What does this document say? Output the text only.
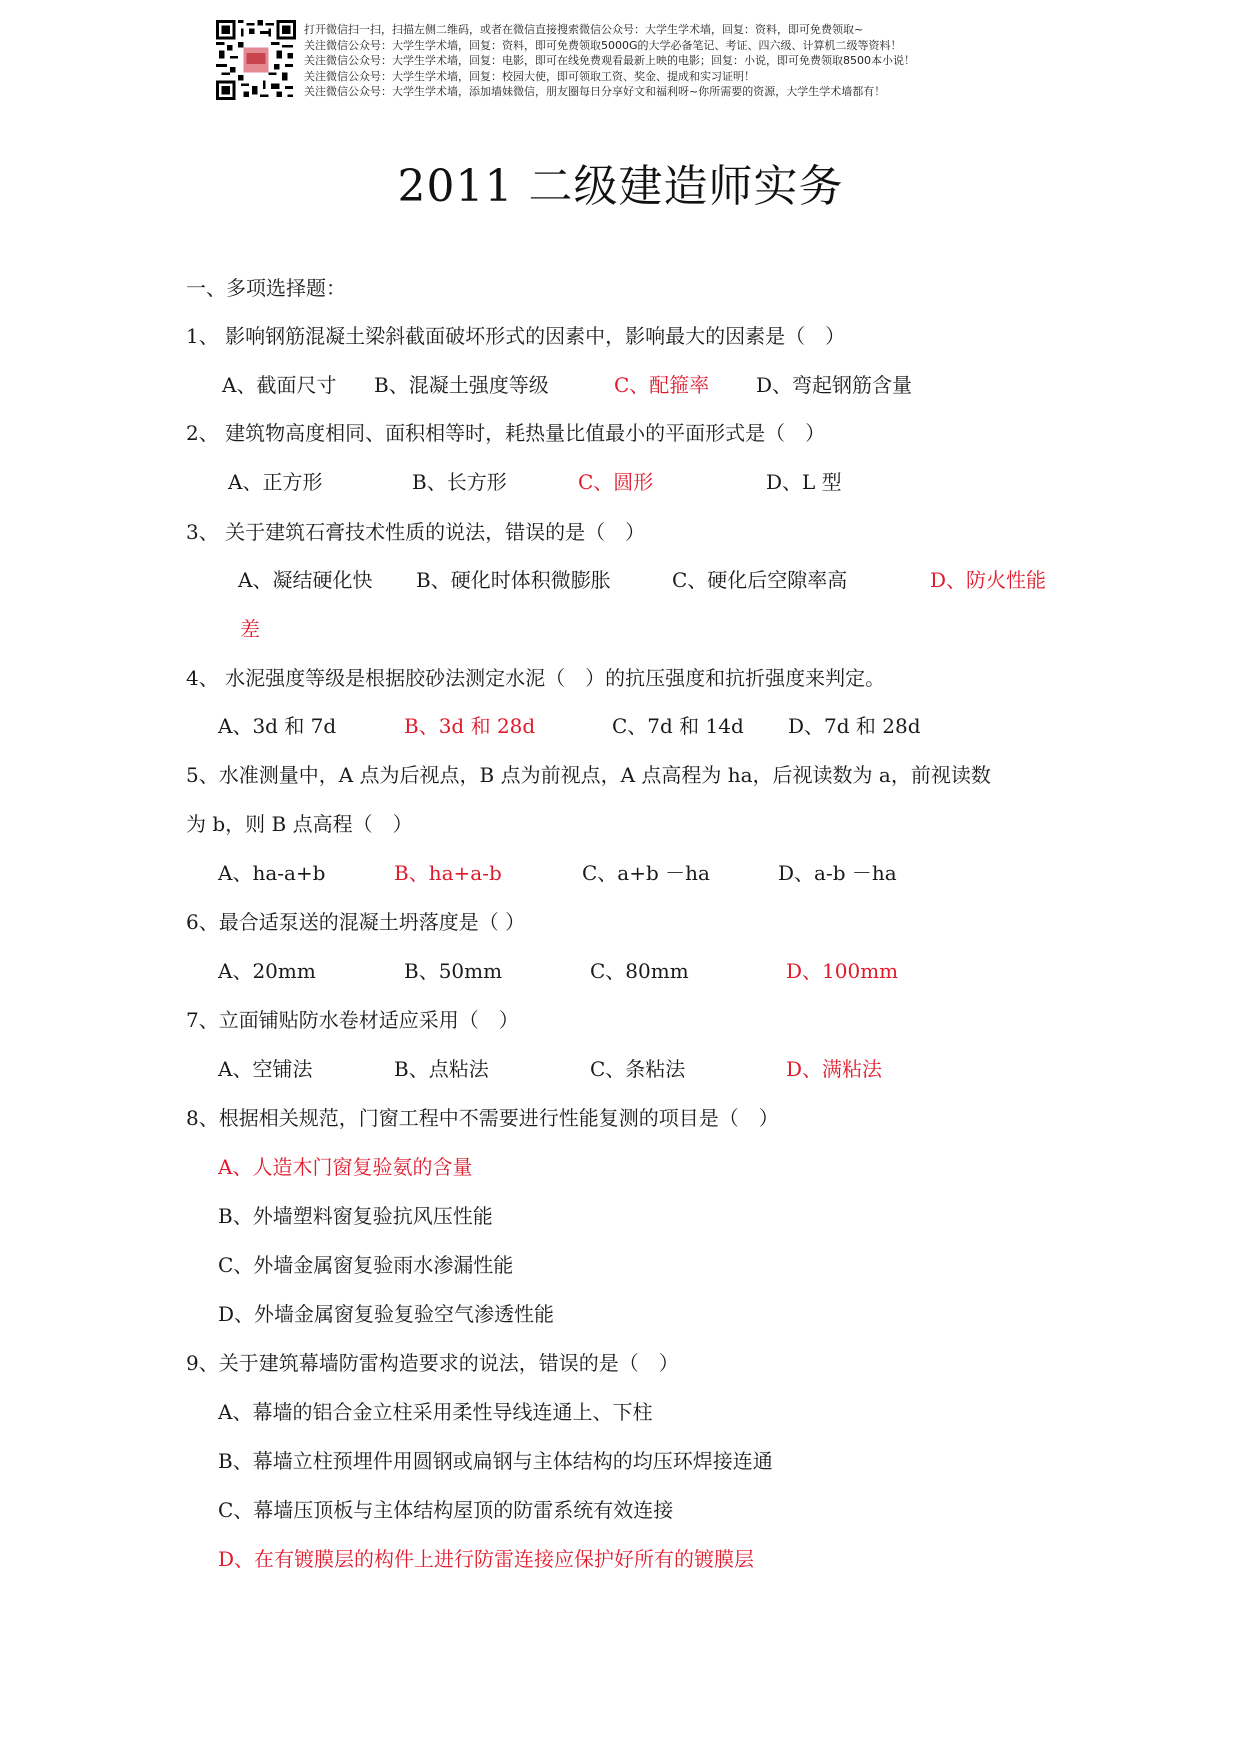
打开微信扫一扫，扫描左侧二维码，或者在微信直接搜索微信公众号：大学生学术墙，回复：资料，即可免费领取~
关注微信公众号：大学生学术墙，回复：资料，即可免费领取5000G的大学必备笔记、考证、四六级、计算机二级等资料！
关注微信公众号：大学生学术墙，回复：电影，即可在线免费观看最新上映的电影；回复：小说，即可免费领取8500本小说！
关注微信公众号：大学生学术墙，回复：校园大使，即可领取工资、奖金、提成和实习证明！
关注微信公众号：大学生学术墙，添加墙妹微信，朋友圈每日分享好文和福利呀~你所需要的资源，大学生学术墙都有！
2011 二级建造师实务
一、多项选择题：
1、 影响钢筋混凝土梁斜截面破坏形式的因素中，影响最大的因素是（　）
A、截面尺寸 B、混凝土强度等级	C、配箍率 D、弯起钢筋含量
2、 建筑物高度相同、面积相等时，耗热量比值最小的平面形式是（　）
A、正方形	B、长方形	C、圆形	D、L 型
3、 关于建筑石膏技术性质的说法，错误的是（　）
A、凝结硬化快 B、硬化时体积微膨胀	C、硬化后空隙率高	D、防火性能
差
4、 水泥强度等级是根据胶砂法测定水泥（　）的抗压强度和抗折强度来判定。
A、3d 和 7d	B、3d 和 28d	C、7d 和 14d D、7d 和 28d
5、水准测量中，A 点为后视点，B 点为前视点，A 点高程为 ha，后视读数为 a，前视读数
为 b，则 B 点高程（　）
A、ha-a+b	B、ha+a-b	C、a+b －ha	D、a-b －ha
6、最合适泵送的混凝土坍落度是（ ）
A、20mm	B、50mm	C、80mm	D、100mm
7、立面铺贴防水卷材适应采用（　）
A、空铺法	B、点粘法	C、条粘法	D、满粘法
8、根据相关规范，门窗工程中不需要进行性能复测的项目是（　）
A、人造木门窗复验氨的含量
B、外墙塑料窗复验抗风压性能
C、外墙金属窗复验雨水渗漏性能
D、外墙金属窗复验复验空气渗透性能
9、关于建筑幕墙防雷构造要求的说法，错误的是（　）
A、幕墙的铝合金立柱采用柔性导线连通上、下柱
B、幕墙立柱预埋件用圆钢或扁钢与主体结构的均压环焊接连通
C、幕墙压顶板与主体结构屋顶的防雷系统有效连接
D、在有镀膜层的构件上进行防雷连接应保护好所有的镀膜层
